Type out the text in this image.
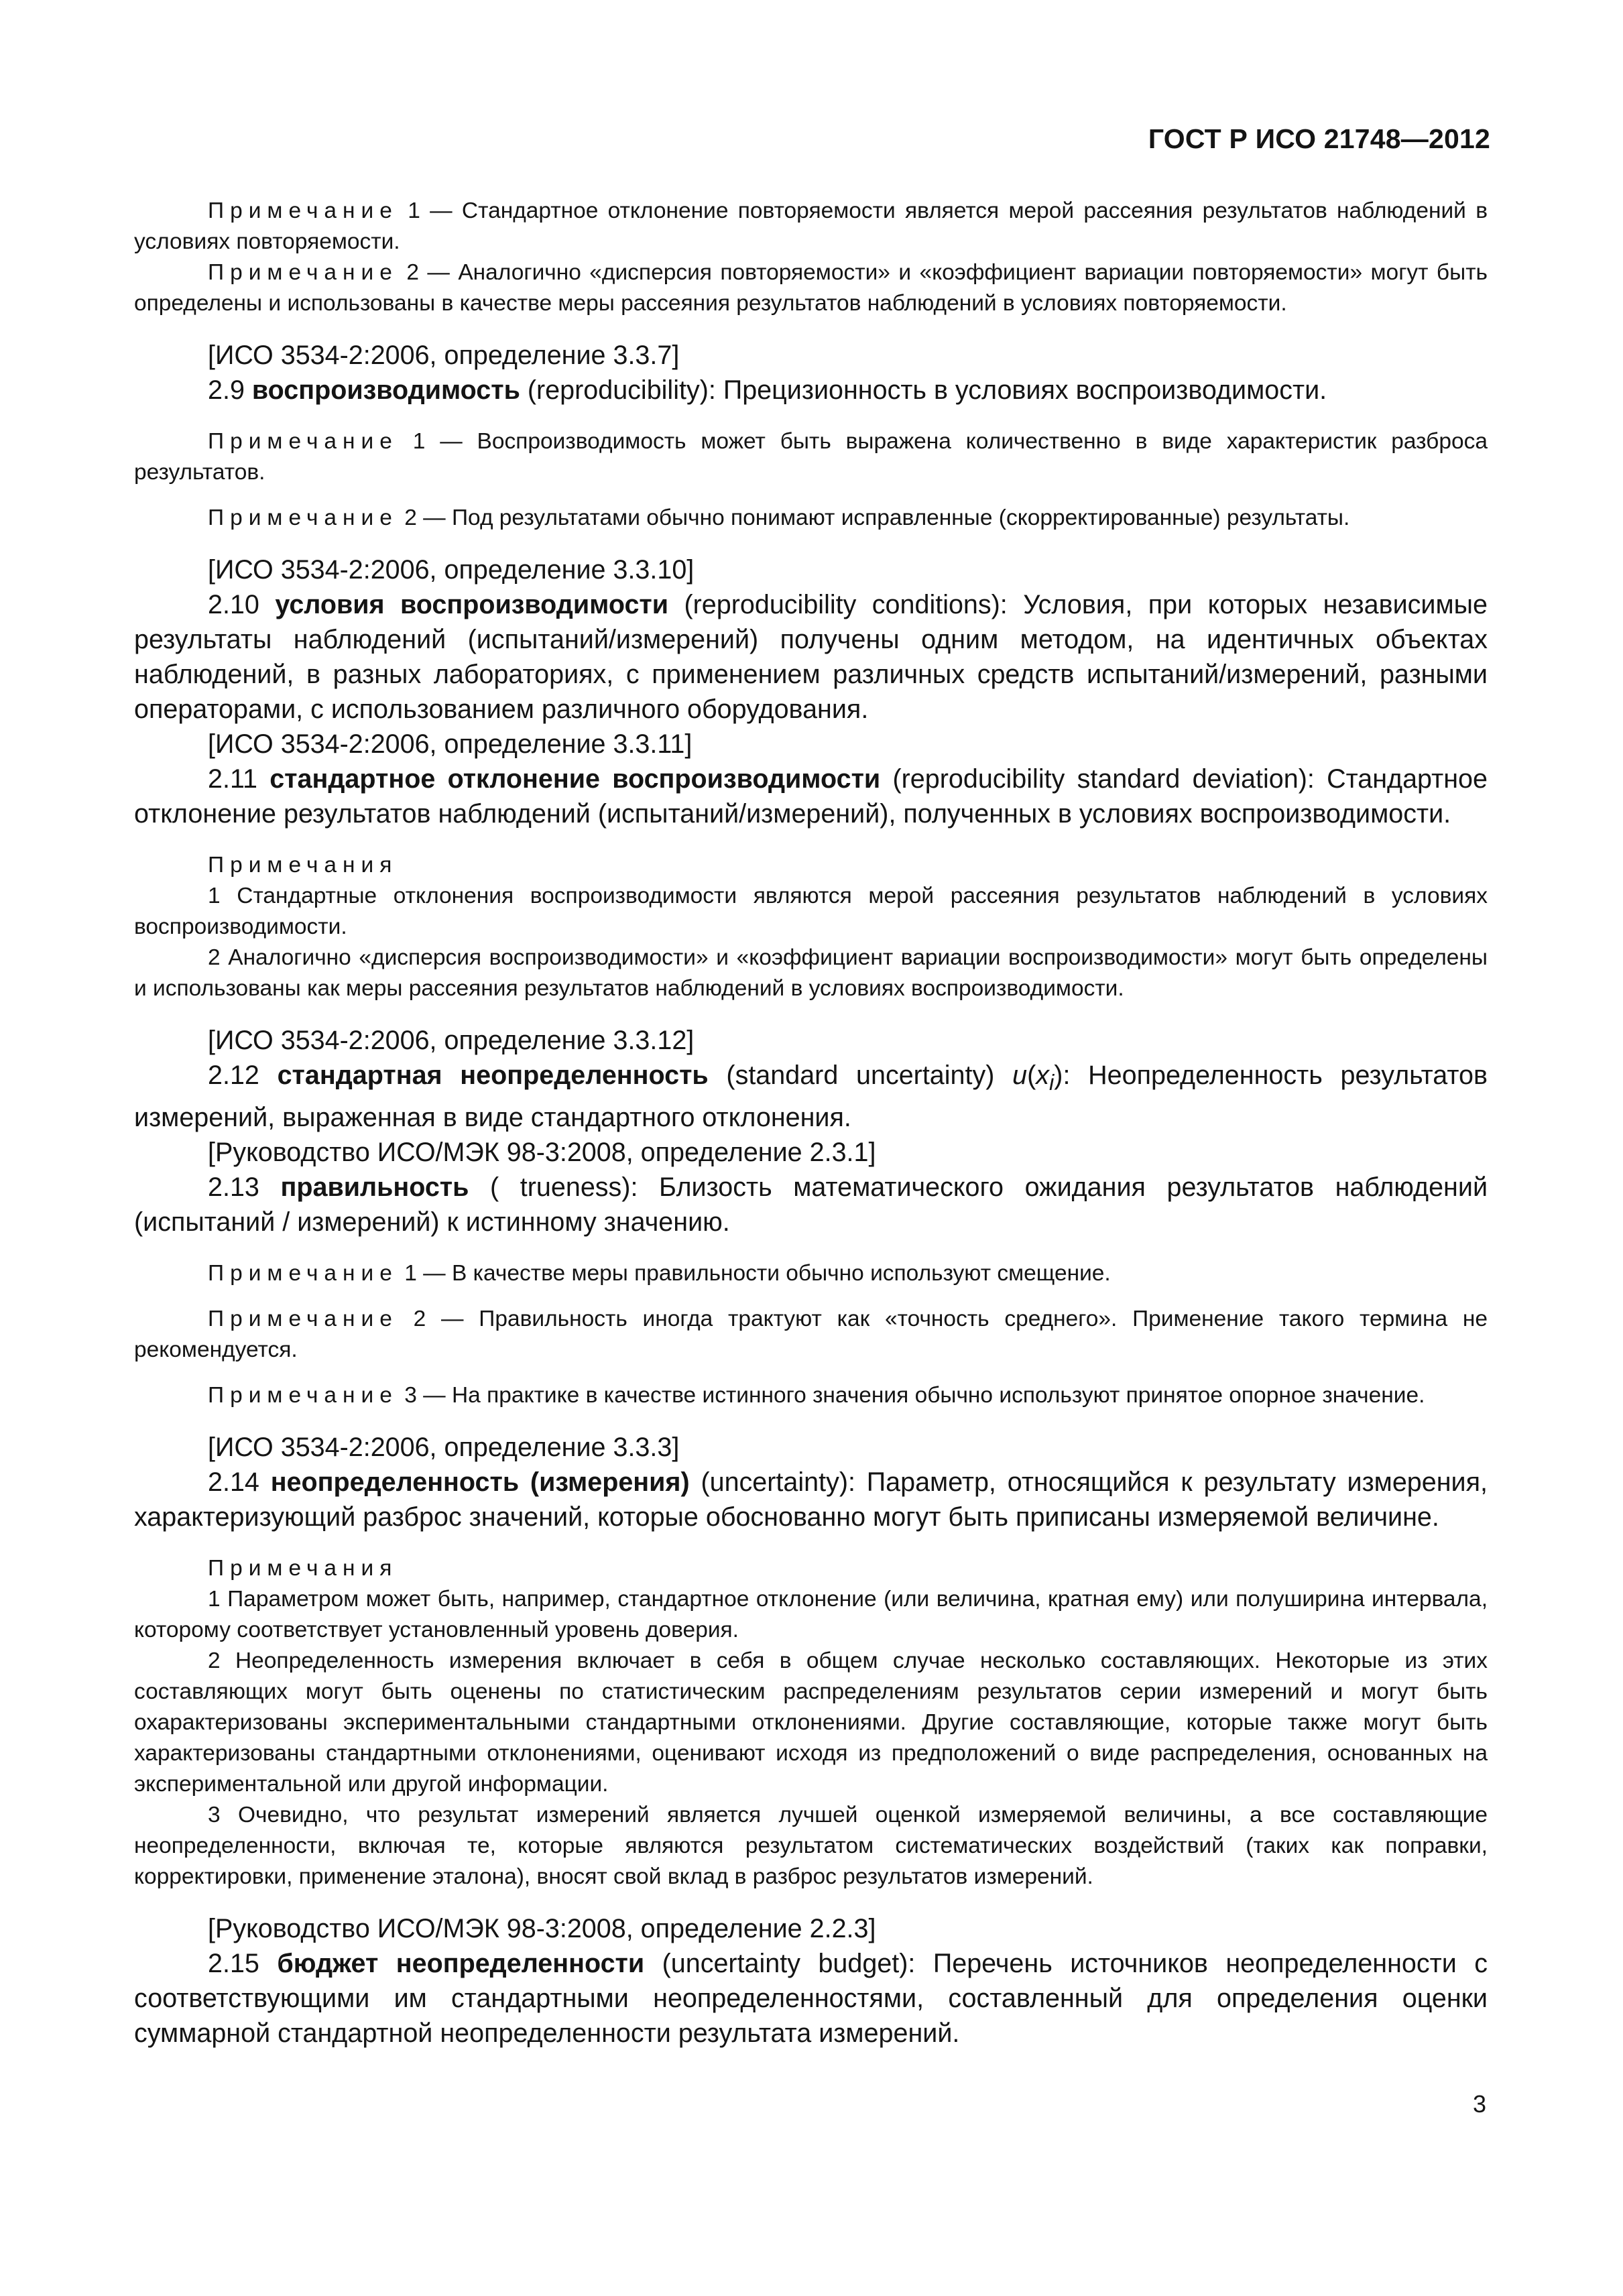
ГОСТ Р ИСО 21748—2012

Примечание 1 — Стандартное отклонение повторяемости является мерой рассеяния результатов наблюдений в условиях повторяемости.

Примечание 2 — Аналогично «дисперсия повторяемости» и «коэффициент вариации повторяемости» могут быть определены и использованы в качестве меры рассеяния результатов наблюдений в условиях повторяемости.

[ИСО 3534-2:2006, определение 3.3.7]

2.9 воспроизводимость (reproducibility): Прецизионность в условиях воспроизводимости.

Примечание 1 — Воспроизводимость может быть выражена количественно в виде характеристик разброса результатов.

Примечание 2 — Под результатами обычно понимают исправленные (скорректированные) результаты.

[ИСО 3534-2:2006, определение 3.3.10]

2.10 условия воспроизводимости (reproducibility conditions): Условия, при которых независимые результаты наблюдений (испытаний/измерений) получены одним методом, на идентичных объектах наблюдений, в разных лабораториях, с применением различных средств испытаний/измерений, разными операторами, с использованием различного оборудования.

[ИСО 3534-2:2006, определение 3.3.11]

2.11 стандартное отклонение воспроизводимости (reproducibility standard deviation): Стандартное отклонение результатов наблюдений (испытаний/измерений), полученных в условиях воспроизводимости.

Примечания

1 Стандартные отклонения воспроизводимости являются мерой рассеяния результатов наблюдений в условиях воспроизводимости.

2 Аналогично «дисперсия воспроизводимости» и «коэффициент вариации воспроизводимости» могут быть определены и использованы как меры рассеяния результатов наблюдений в условиях воспроизводимости.

[ИСО 3534-2:2006, определение 3.3.12]

2.12 стандартная неопределенность (standard uncertainty) $u(x_i)$: Неопределенность результатов измерений, выраженная в виде стандартного отклонения.

[Руководство ИСО/МЭК 98-3:2008, определение 2.3.1]

2.13 правильность ( trueness): Близость математического ожидания результатов наблюдений (испытаний / измерений) к истинному значению.

Примечание 1 — В качестве меры правильности обычно используют смещение.

Примечание 2 — Правильность иногда трактуют как «точность среднего». Применение такого термина не рекомендуется.

Примечание 3 — На практике в качестве истинного значения обычно используют принятое опорное значение.

[ИСО 3534-2:2006, определение 3.3.3]

2.14 неопределенность (измерения) (uncertainty): Параметр, относящийся к результату измерения, характеризующий разброс значений, которые обоснованно могут быть приписаны измеряемой величине.

Примечания

1 Параметром может быть, например, стандартное отклонение (или величина, кратная ему) или полуширина интервала, которому соответствует установленный уровень доверия.

2 Неопределенность измерения включает в себя в общем случае несколько составляющих. Некоторые из этих составляющих могут быть оценены по статистическим распределениям результатов серии измерений и могут быть охарактеризованы экспериментальными стандартными отклонениями. Другие составляющие, которые также могут быть характеризованы стандартными отклонениями, оценивают исходя из предположений о виде распределения, основанных на экспериментальной или другой информации.

3 Очевидно, что результат измерений является лучшей оценкой измеряемой величины, а все составляющие неопределенности, включая те, которые являются результатом систематических воздействий (таких как поправки, корректировки, применение эталона), вносят свой вклад в разброс результатов измерений.

[Руководство ИСО/МЭК 98-3:2008, определение 2.2.3]

2.15 бюджет неопределенности (uncertainty budget): Перечень источников неопределенности с соответствующими им стандартными неопределенностями, составленный для определения оценки суммарной стандартной неопределенности результата измерений.

3
